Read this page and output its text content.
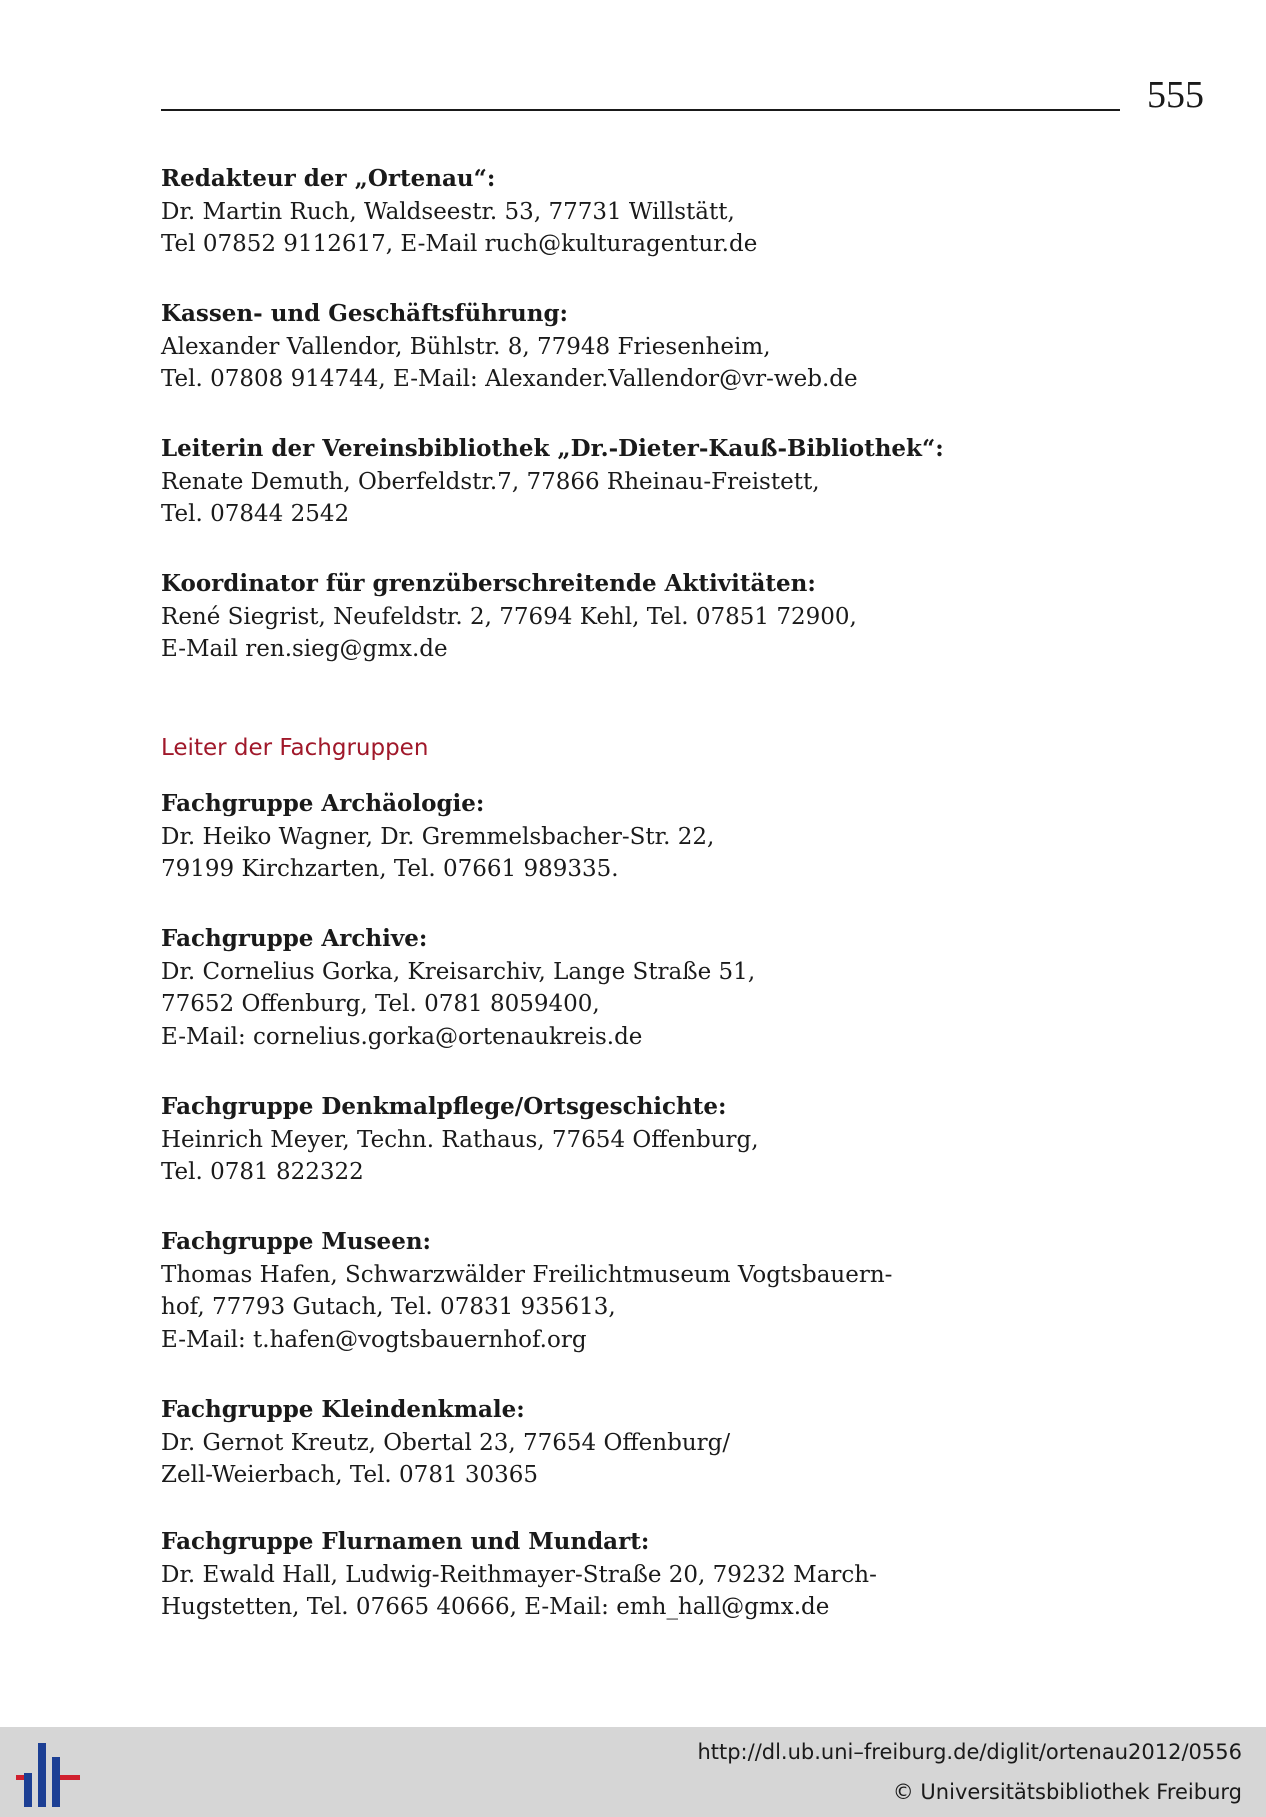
555
Redakteur der „Ortenau“:
Dr. Martin Ruch, Waldseestr. 53, 77731 Willstätt,
Tel 07852 9112617, E-Mail ruch@kulturagentur.de
Kassen- und Geschäftsführung:
Alexander Vallendor, Bühlstr. 8, 77948 Friesenheim,
Tel. 07808 914744, E-Mail: Alexander.Vallendor@vr-web.de
Leiterin der Vereinsbibliothek „Dr.-Dieter-Kauß-Bibliothek“:
Renate Demuth, Oberfeldstr.7, 77866 Rheinau-Freistett,
Tel. 07844 2542
Koordinator für grenzüberschreitende Aktivitäten:
René Siegrist, Neufeldstr. 2, 77694 Kehl, Tel. 07851 72900,
E-Mail ren.sieg@gmx.de
Leiter der Fachgruppen
Fachgruppe Archäologie:
Dr. Heiko Wagner, Dr. Gremmelsbacher-Str. 22,
79199 Kirchzarten, Tel. 07661 989335.
Fachgruppe Archive:
Dr. Cornelius Gorka, Kreisarchiv, Lange Straße 51,
77652 Offenburg, Tel. 0781 8059400,
E-Mail: cornelius.gorka@ortenaukreis.de
Fachgruppe Denkmalpflege/Ortsgeschichte:
Heinrich Meyer, Techn. Rathaus, 77654 Offenburg,
Tel. 0781 822322
Fachgruppe Museen:
Thomas Hafen, Schwarzwälder Freilichtmuseum Vogtsbauern-
hof, 77793 Gutach, Tel. 07831 935613,
E-Mail: t.hafen@vogtsbauernhof.org
Fachgruppe Kleindenkmale:
Dr. Gernot Kreutz, Obertal 23, 77654 Offenburg/
Zell-Weierbach, Tel. 0781 30365
Fachgruppe Flurnamen und Mundart:
Dr. Ewald Hall, Ludwig-Reithmayer-Straße 20, 79232 March-
Hugstetten, Tel. 07665 40666, E-Mail: emh_hall@gmx.de
http://dl.ub.uni–freiburg.de/diglit/ortenau2012/0556
© Universitätsbibliothek Freiburg
